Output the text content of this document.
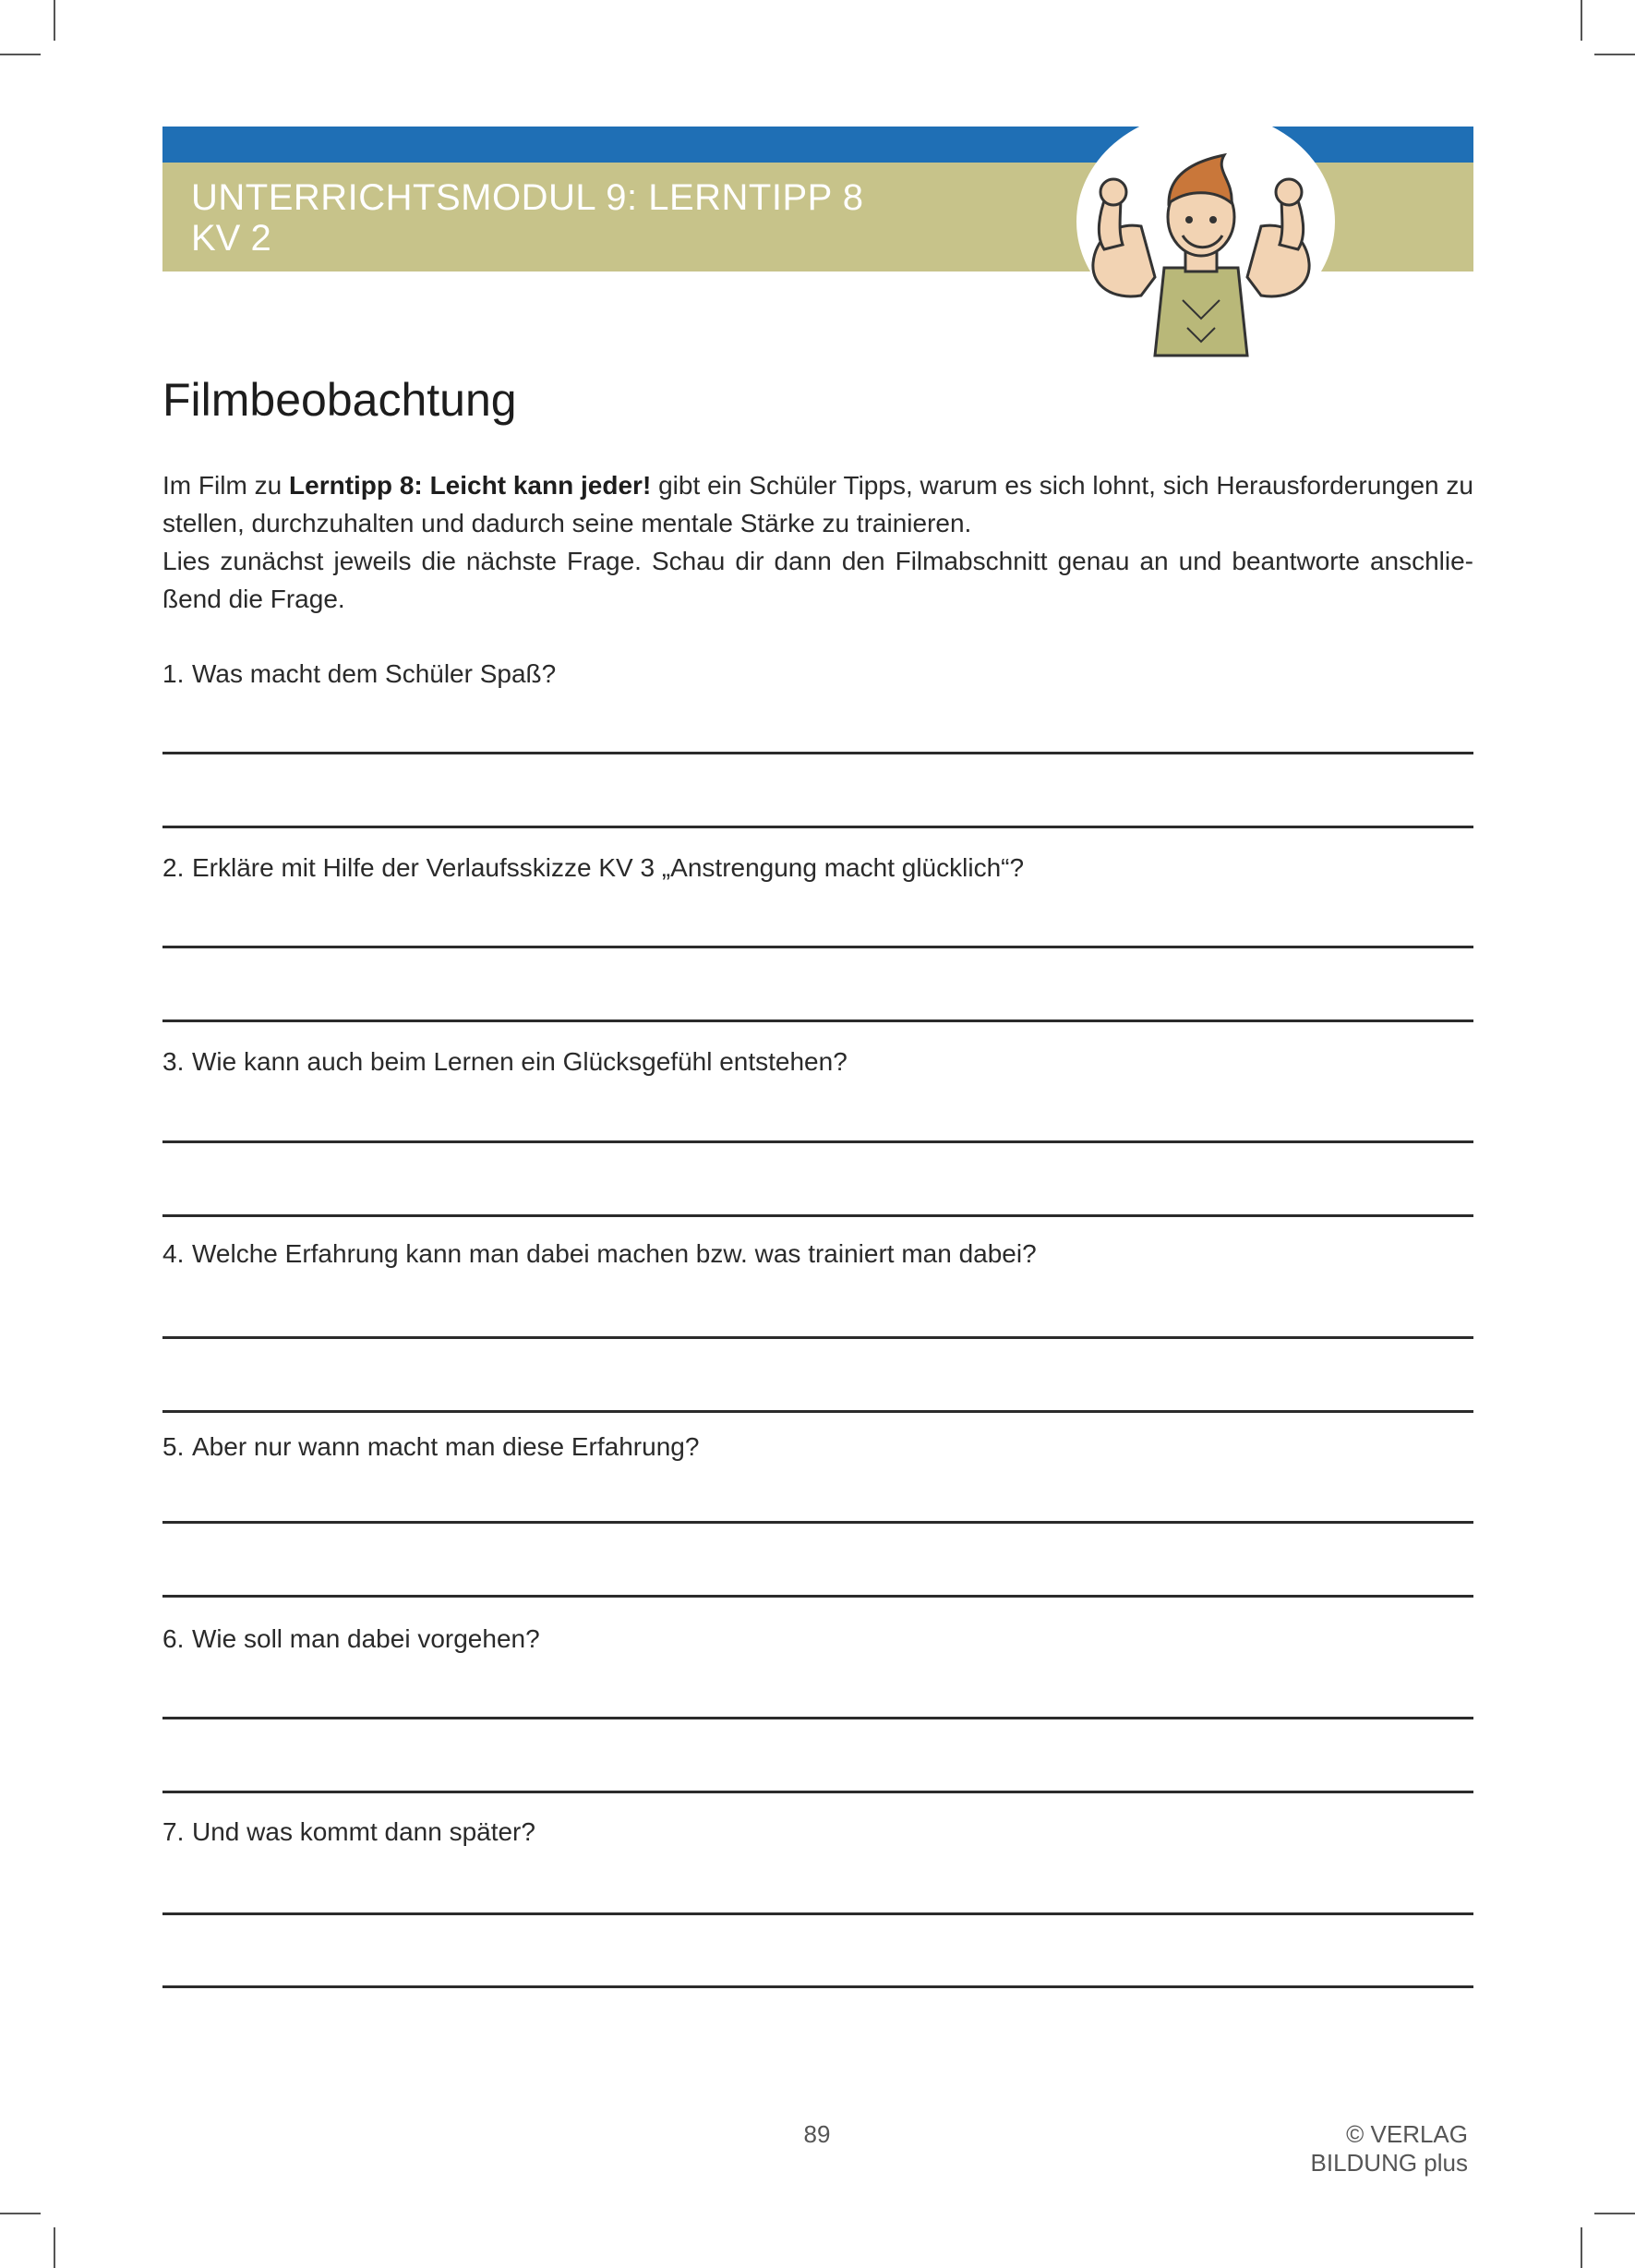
UNTERRICHTSMODUL 9: LERNTIPP 8
KV 2
Filmbeobachtung

Im Film zu Lerntipp 8: Leicht kann jeder! gibt ein Schüler Tipps, warum es sich lohnt, sich Herausforderungen zu stellen, durchzuhalten und dadurch seine mentale Stärke zu trainieren.

Lies zunächst jeweils die nächste Frage. Schau dir dann den Filmabschnitt genau an und beantworte anschlie-ßend die Frage.

1. Was macht dem Schüler Spaß?
2. Erkläre mit Hilfe der Verlaufsskizze KV 3 „Anstrengung macht glücklich“?
3. Wie kann auch beim Lernen ein Glücksgefühl entstehen?
4. Welche Erfahrung kann man dabei machen bzw. was trainiert man dabei?
5. Aber nur wann macht man diese Erfahrung?
6. Wie soll man dabei vorgehen?
7. Und was kommt dann später?
89	© VERLAG BILDUNG plus
